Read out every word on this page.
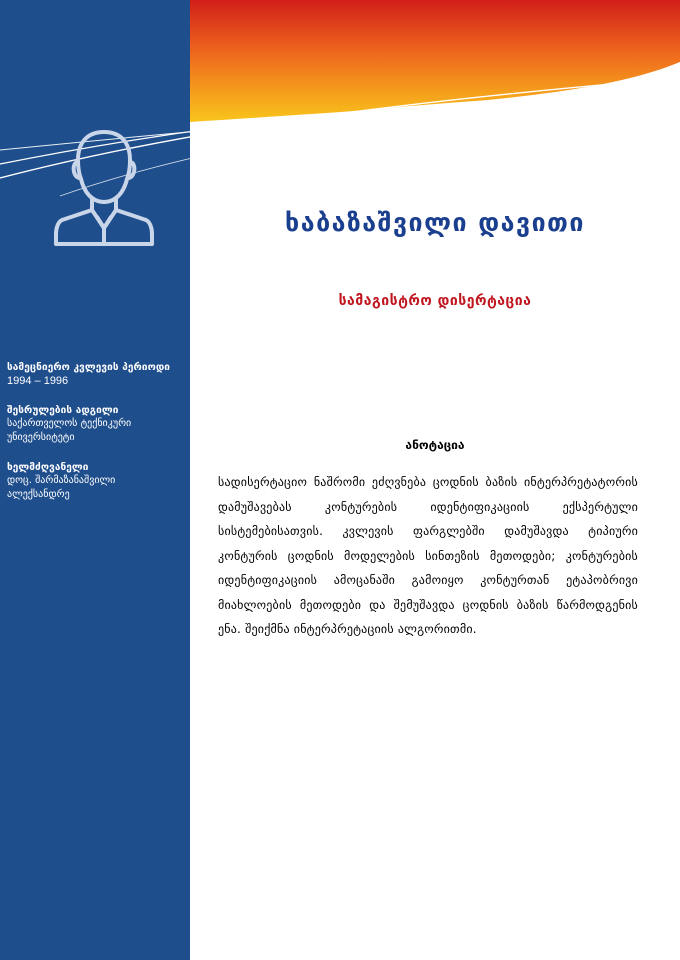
სამეცნიერო კვლევის პერიოდი
1994 – 1996
შესრულების ადგილი
საქართველოს ტექნიკური უნივერსიტეტი
ხელმძღვანელი
დოც. შარმაზანაშვილი ალექსანდრე
ხაბაზაშვილი დავითი
სამაგისტრო დისერტაცია
ანოტაცია
სადისერტაციო ნაშრომი ეძღვნება ცოდნის ბაზის ინტერპრეტატორის დამუშავებას კონტურების იდენტიფიკაციის ექსპერტული სისტემებისათვის. კვლევის ფარგლებში დამუშავდა ტიპიური კონტურის ცოდნის მოდელების სინთეზის მეთოდები; კონტურების იდენტიფიკაციის ამოცანაში გამოიყო კონტურთან ეტაპობრივი მიახლოების მეთოდები და შემუშავდა ცოდნის ბაზის წარმოდგენის ენა. შეიქმნა ინტერპრეტაციის ალგორითმი.
